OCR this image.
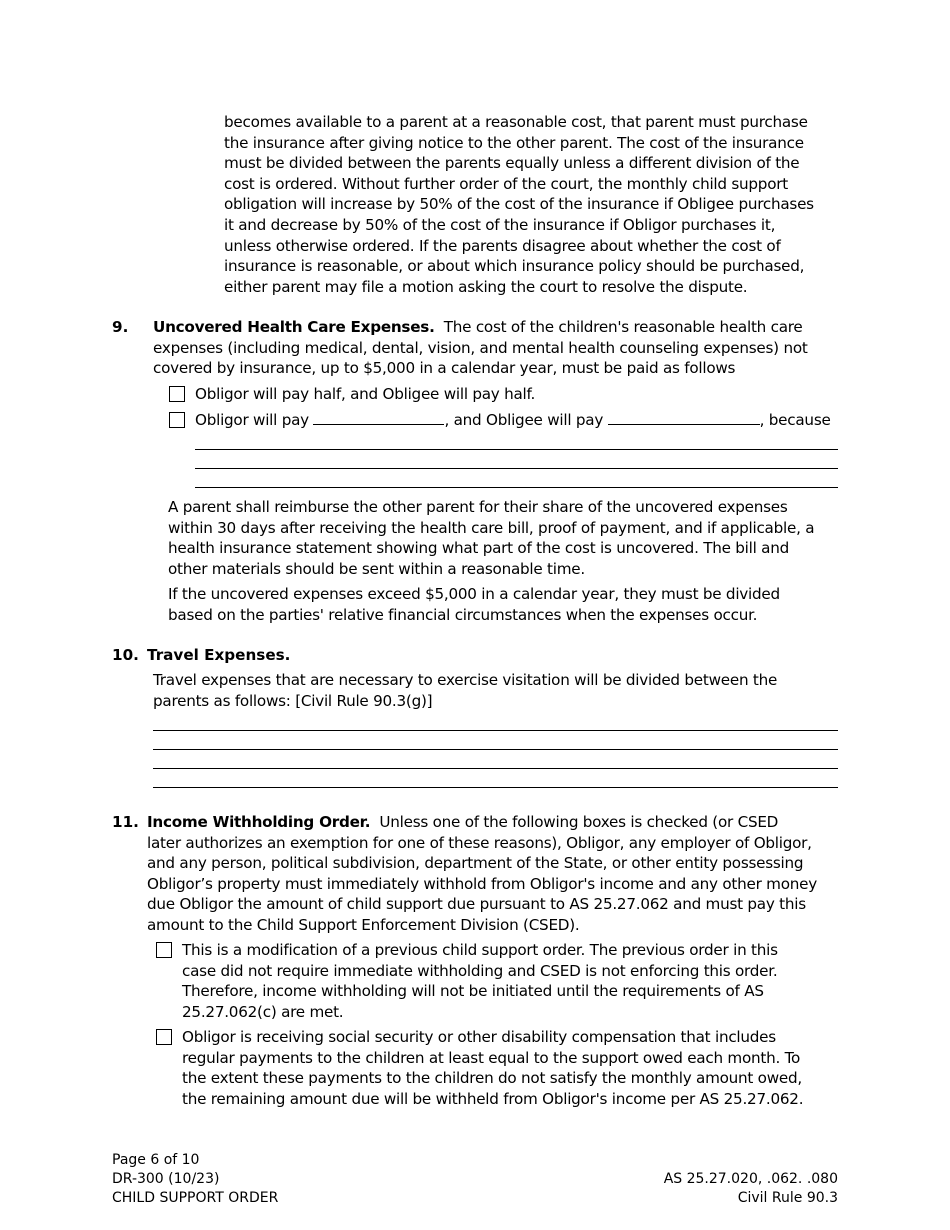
becomes available to a parent at a reasonable cost, that parent must purchase
the insurance after giving notice to the other parent. The cost of the insurance
must be divided between the parents equally unless a different division of the
cost is ordered. Without further order of the court, the monthly child support
obligation will increase by 50% of the cost of the insurance if Obligee purchases
it and decrease by 50% of the cost of the insurance if Obligor purchases it,
unless otherwise ordered. If the parents disagree about whether the cost of
insurance is reasonable, or about which insurance policy should be purchased,
either parent may file a motion asking the court to resolve the dispute.
9. Uncovered Health Care Expenses.  The cost of the children's reasonable health care
expenses (including medical, dental, vision, and mental health counseling expenses) not
covered by insurance, up to $5,000 in a calendar year, must be paid as follows
Obligor will pay half, and Obligee will pay half.
Obligor will pay	, and Obligee will pay	, because
A parent shall reimburse the other parent for their share of the uncovered expenses
within 30 days after receiving the health care bill, proof of payment, and if applicable, a
health insurance statement showing what part of the cost is uncovered. The bill and
other materials should be sent within a reasonable time.
If the uncovered expenses exceed $5,000 in a calendar year, they must be divided
based on the parties' relative financial circumstances when the expenses occur.
10. Travel Expenses.
Travel expenses that are necessary to exercise visitation will be divided between the
parents as follows: [Civil Rule 90.3(g)]
11. Income Withholding Order.  Unless one of the following boxes is checked (or CSED
later authorizes an exemption for one of these reasons), Obligor, any employer of Obligor,
and any person, political subdivision, department of the State, or other entity possessing
Obligor’s property must immediately withhold from Obligor's income and any other money
due Obligor the amount of child support due pursuant to AS 25.27.062 and must pay this
amount to the Child Support Enforcement Division (CSED).
This is a modification of a previous child support order. The previous order in this
case did not require immediate withholding and CSED is not enforcing this order.
Therefore, income withholding will not be initiated until the requirements of AS
25.27.062(c) are met.
Obligor is receiving social security or other disability compensation that includes
regular payments to the children at least equal to the support owed each month. To
the extent these payments to the children do not satisfy the monthly amount owed,
the remaining amount due will be withheld from Obligor's income per AS 25.27.062.
Page 6 of 10
DR-300 (10/23)
CHILD SUPPORT ORDER
AS 25.27.020, .062. .080
Civil Rule 90.3
